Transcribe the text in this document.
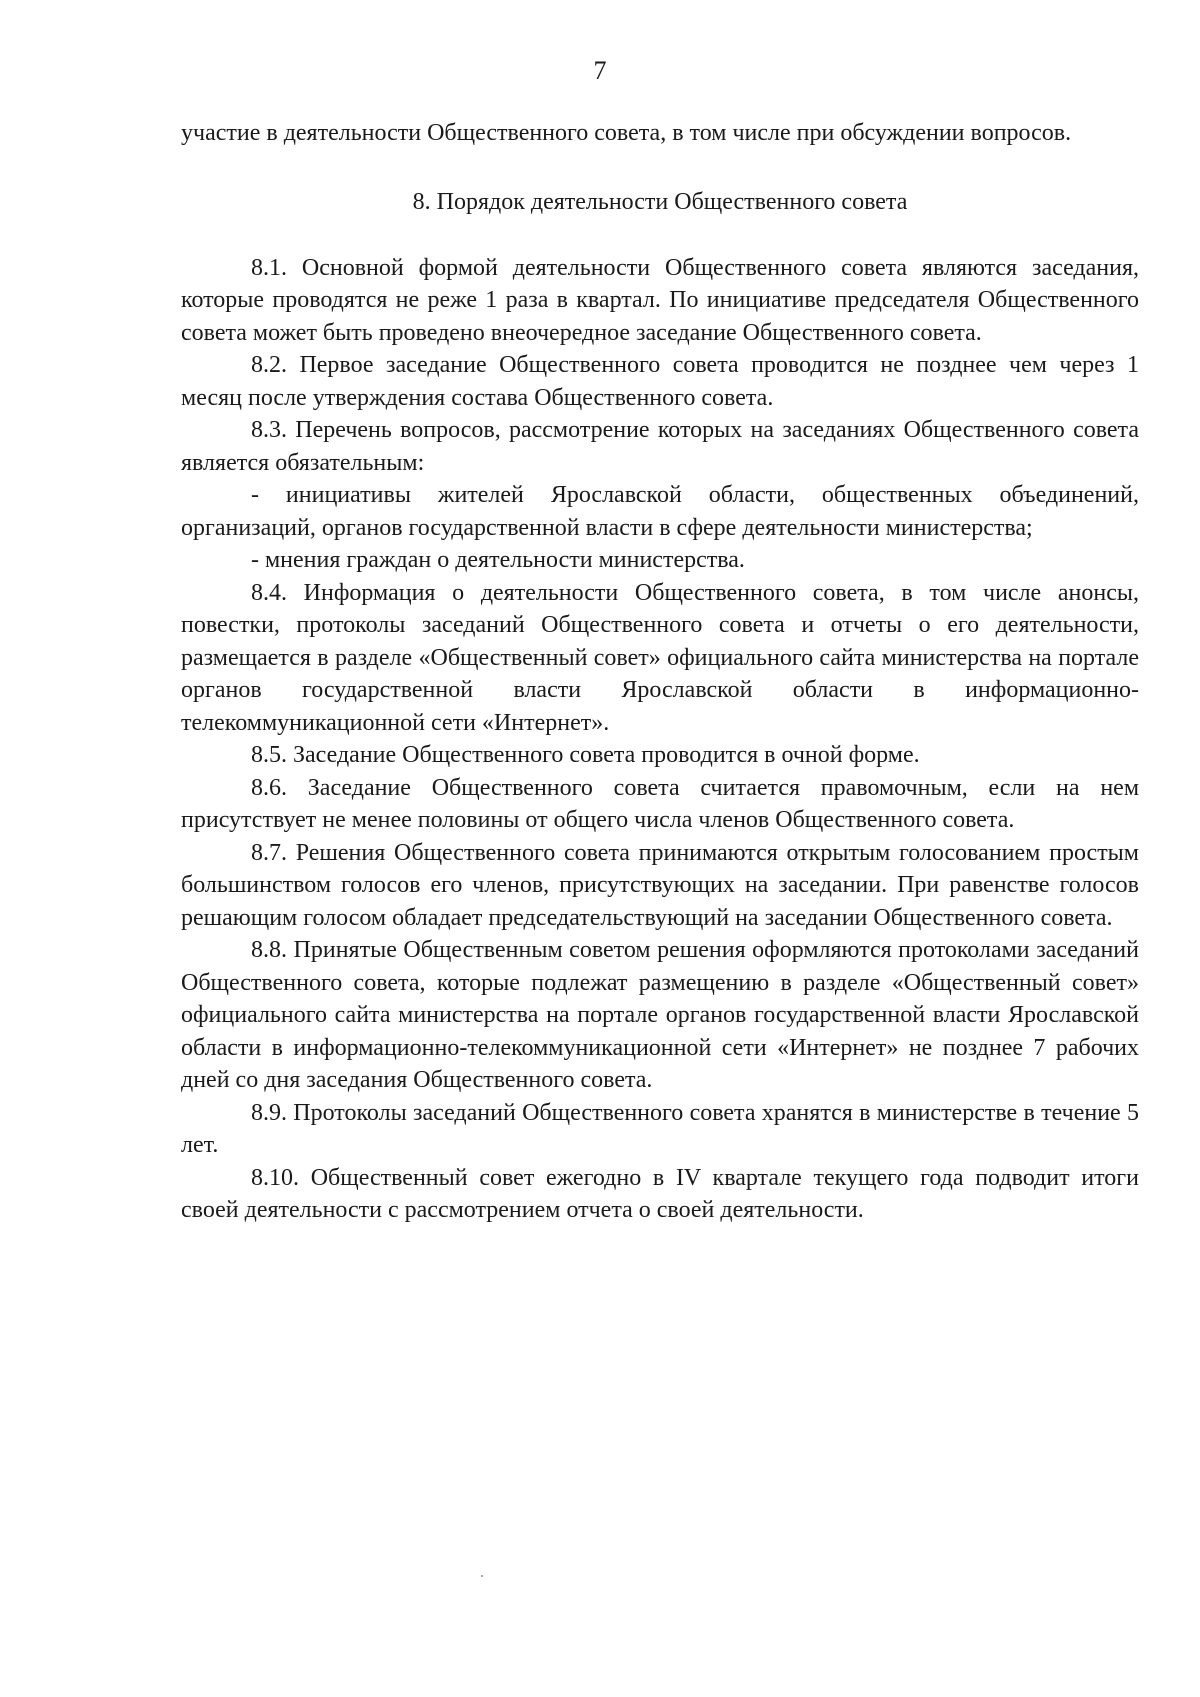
7

участие в деятельности Общественного совета, в том числе при обсуждении вопросов.

8. Порядок деятельности Общественного совета

8.1. Основной формой деятельности Общественного совета являются заседания, которые проводятся не реже 1 раза в квартал. По инициативе председателя Общественного совета может быть проведено внеочередное заседание Общественного совета.

8.2. Первое заседание Общественного совета проводится не позднее чем через 1 месяц после утверждения состава Общественного совета.

8.3. Перечень вопросов, рассмотрение которых на заседаниях Общественного совета является обязательным:

- инициативы жителей Ярославской области, общественных объединений, организаций, органов государственной власти в сфере деятельности министерства;

- мнения граждан о деятельности министерства.

8.4. Информация о деятельности Общественного совета, в том числе анонсы, повестки, протоколы заседаний Общественного совета и отчеты о его деятельности, размещается в разделе «Общественный совет» официального сайта министерства на портале органов государственной власти Ярославской области в информационно-телекоммуникационной сети «Интернет».

8.5. Заседание Общественного совета проводится в очной форме.

8.6. Заседание Общественного совета считается правомочным, если на нем присутствует не менее половины от общего числа членов Общественного совета.

8.7. Решения Общественного совета принимаются открытым голосованием простым большинством голосов его членов, присутствующих на заседании. При равенстве голосов решающим голосом обладает председательствующий на заседании Общественного совета.

8.8. Принятые Общественным советом решения оформляются протоколами заседаний Общественного совета, которые подлежат размещению в разделе «Общественный совет» официального сайта министерства на портале органов государственной власти Ярославской области в информационно-телекоммуникационной сети «Интернет» не позднее 7 рабочих дней со дня заседания Общественного совета.

8.9. Протоколы заседаний Общественного совета хранятся в министерстве в течение 5 лет.

8.10. Общественный совет ежегодно в IV квартале текущего года подводит итоги своей деятельности с рассмотрением отчета о своей деятельности.
